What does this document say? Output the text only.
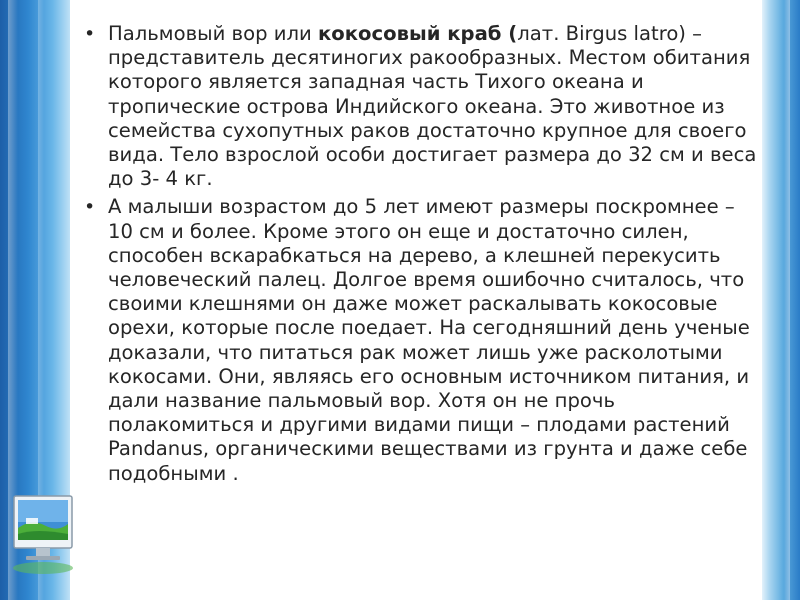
• Пальмовый вор или кокосовый краб (лат. Birgus latro) – представитель десятиногих ракообразных. Местом обитания которого является западная часть Тихого океана и тропические острова Индийского океана. Это животное из семейства сухопутных раков достаточно крупное для своего вида. Тело взрослой особи достигает размера до 32 см и веса до 3- 4 кг.
• А малыши возрастом до 5 лет имеют размеры поскромнее – 10 см и более. Кроме этого он еще и достаточно силен, способен вскарабкаться на дерево, а клешней перекусить человеческий палец. Долгое время ошибочно считалось, что своими клешнями он даже может раскалывать кокосовые орехи, которые после поедает. На сегодняшний день ученые доказали, что питаться рак может лишь уже расколотыми кокосами. Они, являясь его основным источником питания, и дали название пальмовый вор. Хотя он не прочь полакомиться и другими видами пищи – плодами растений Pandanus, органическими веществами из грунта и даже себе подобными .
